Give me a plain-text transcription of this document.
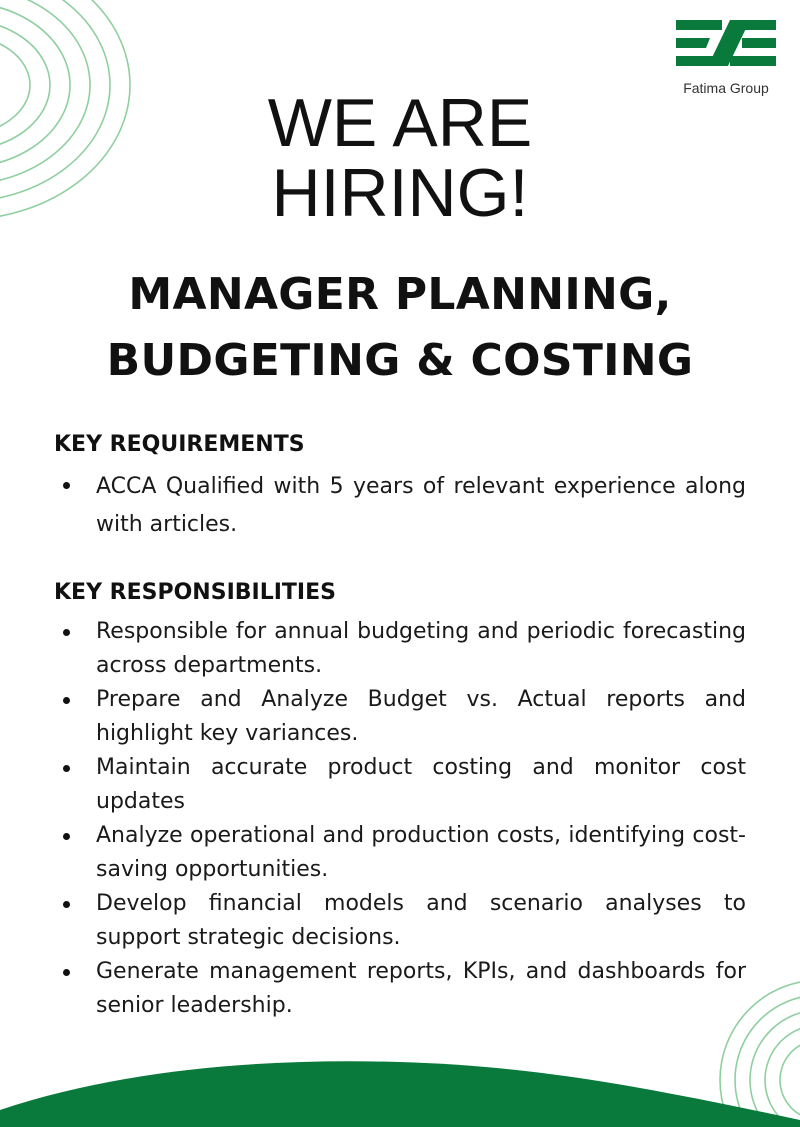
Fatima Group
WE ARE
HIRING!
MANAGER PLANNING,
BUDGETING & COSTING
KEY REQUIREMENTS
ACCA Qualified with 5 years of relevant experience along with articles.
KEY RESPONSIBILITIES
Responsible for annual budgeting and periodic forecasting across departments.
Prepare and Analyze Budget vs. Actual reports and highlight key variances.
Maintain accurate product costing and monitor cost updates
Analyze operational and production costs, identifying cost-saving opportunities.
Develop financial models and scenario analyses to support strategic decisions.
Generate management reports, KPIs, and dashboards for senior leadership.
